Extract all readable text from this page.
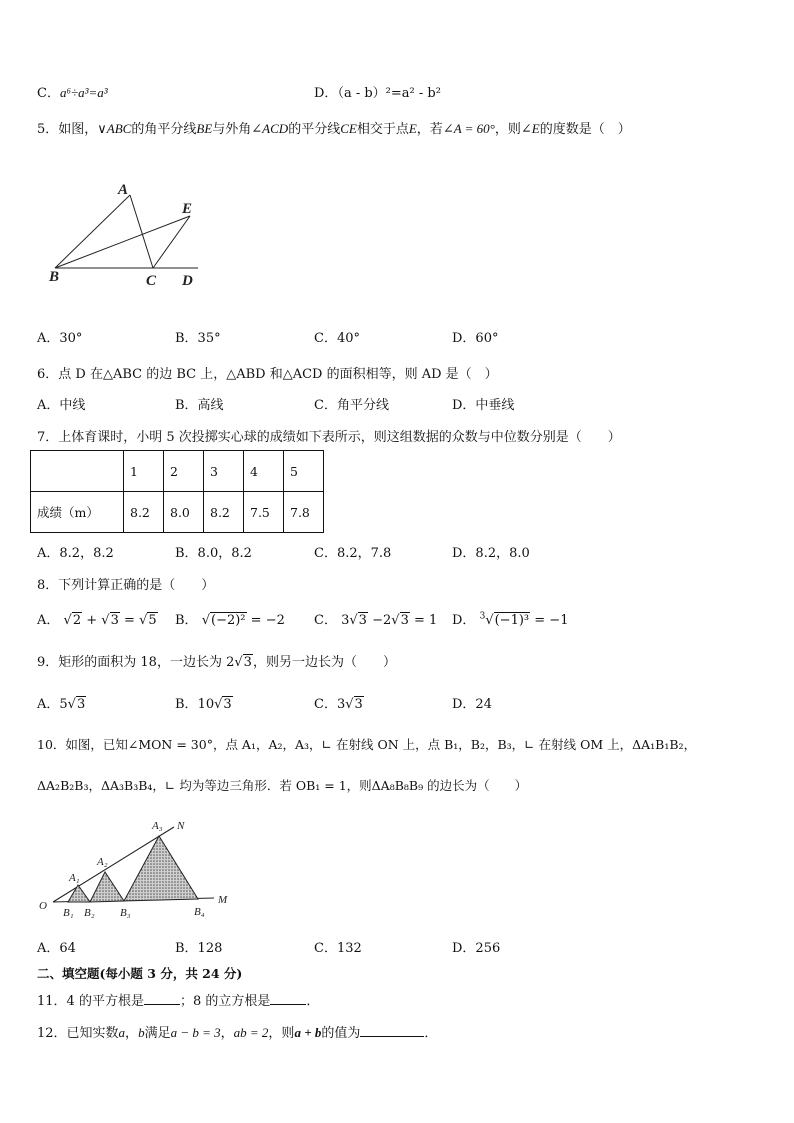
C．a⁶÷a³=a³	D．（a - b）²=a² - b²
5．如图，∨ABC的角平分线BE与外角∠ACD的平分线CE相交于点E，若∠A = 60°，则∠E的度数是（　）
A
E
B	C D
A．30°	B．35°	C．40°	D．60°
6．点 D 在△ABC 的边 BC 上，△ABD 和△ACD 的面积相等，则 AD 是（　）
A．中线	B．高线	C．角平分线	D．中垂线
7．上体育课时，小明 5 次投掷实心球的成绩如下表所示，则这组数据的众数与中位数分别是（　　）
	1	2	3	4	5
成绩（m）	8.2	8.0	8.2	7.5	7.8
A．8.2，8.2	B．8.0，8.2	C．8.2，7.8	D．8.2，8.0
8．下列计算正确的是（　　）
A． √2 + √3 = √5 B． √(−2)² = −2 C． 3√3 −2√3 = 1 D． $^3$√(−1)³ = −1
9．矩形的面积为 18，一边长为 2√3，则另一边长为（　　）
A．5√3	B．10√3	C．3√3	D．24
10．如图，已知∠MON = 30°，点 A₁，A₂，A₃，∟ 在射线 ON 上，点 B₁，B₂，B₃，∟ 在射线 OM 上，ΔA₁B₁B₂，
ΔA₂B₂B₃，ΔA₃B₃B₄，∟ 均为等边三角形．若 OB₁ = 1，则ΔA₈B₈B₉ 的边长为（　　）
O
N
M
A₁
A₂
A₃
B₁ B₂ B₃	B₄
A．64	B．128	C．132	D．256
二、填空题(每小题 3 分，共 24 分)
11．4 的平方根是	；8 的立方根是	．
12．已知实数a，b满足a − b = 3，ab = 2，则a + b的值为	．
